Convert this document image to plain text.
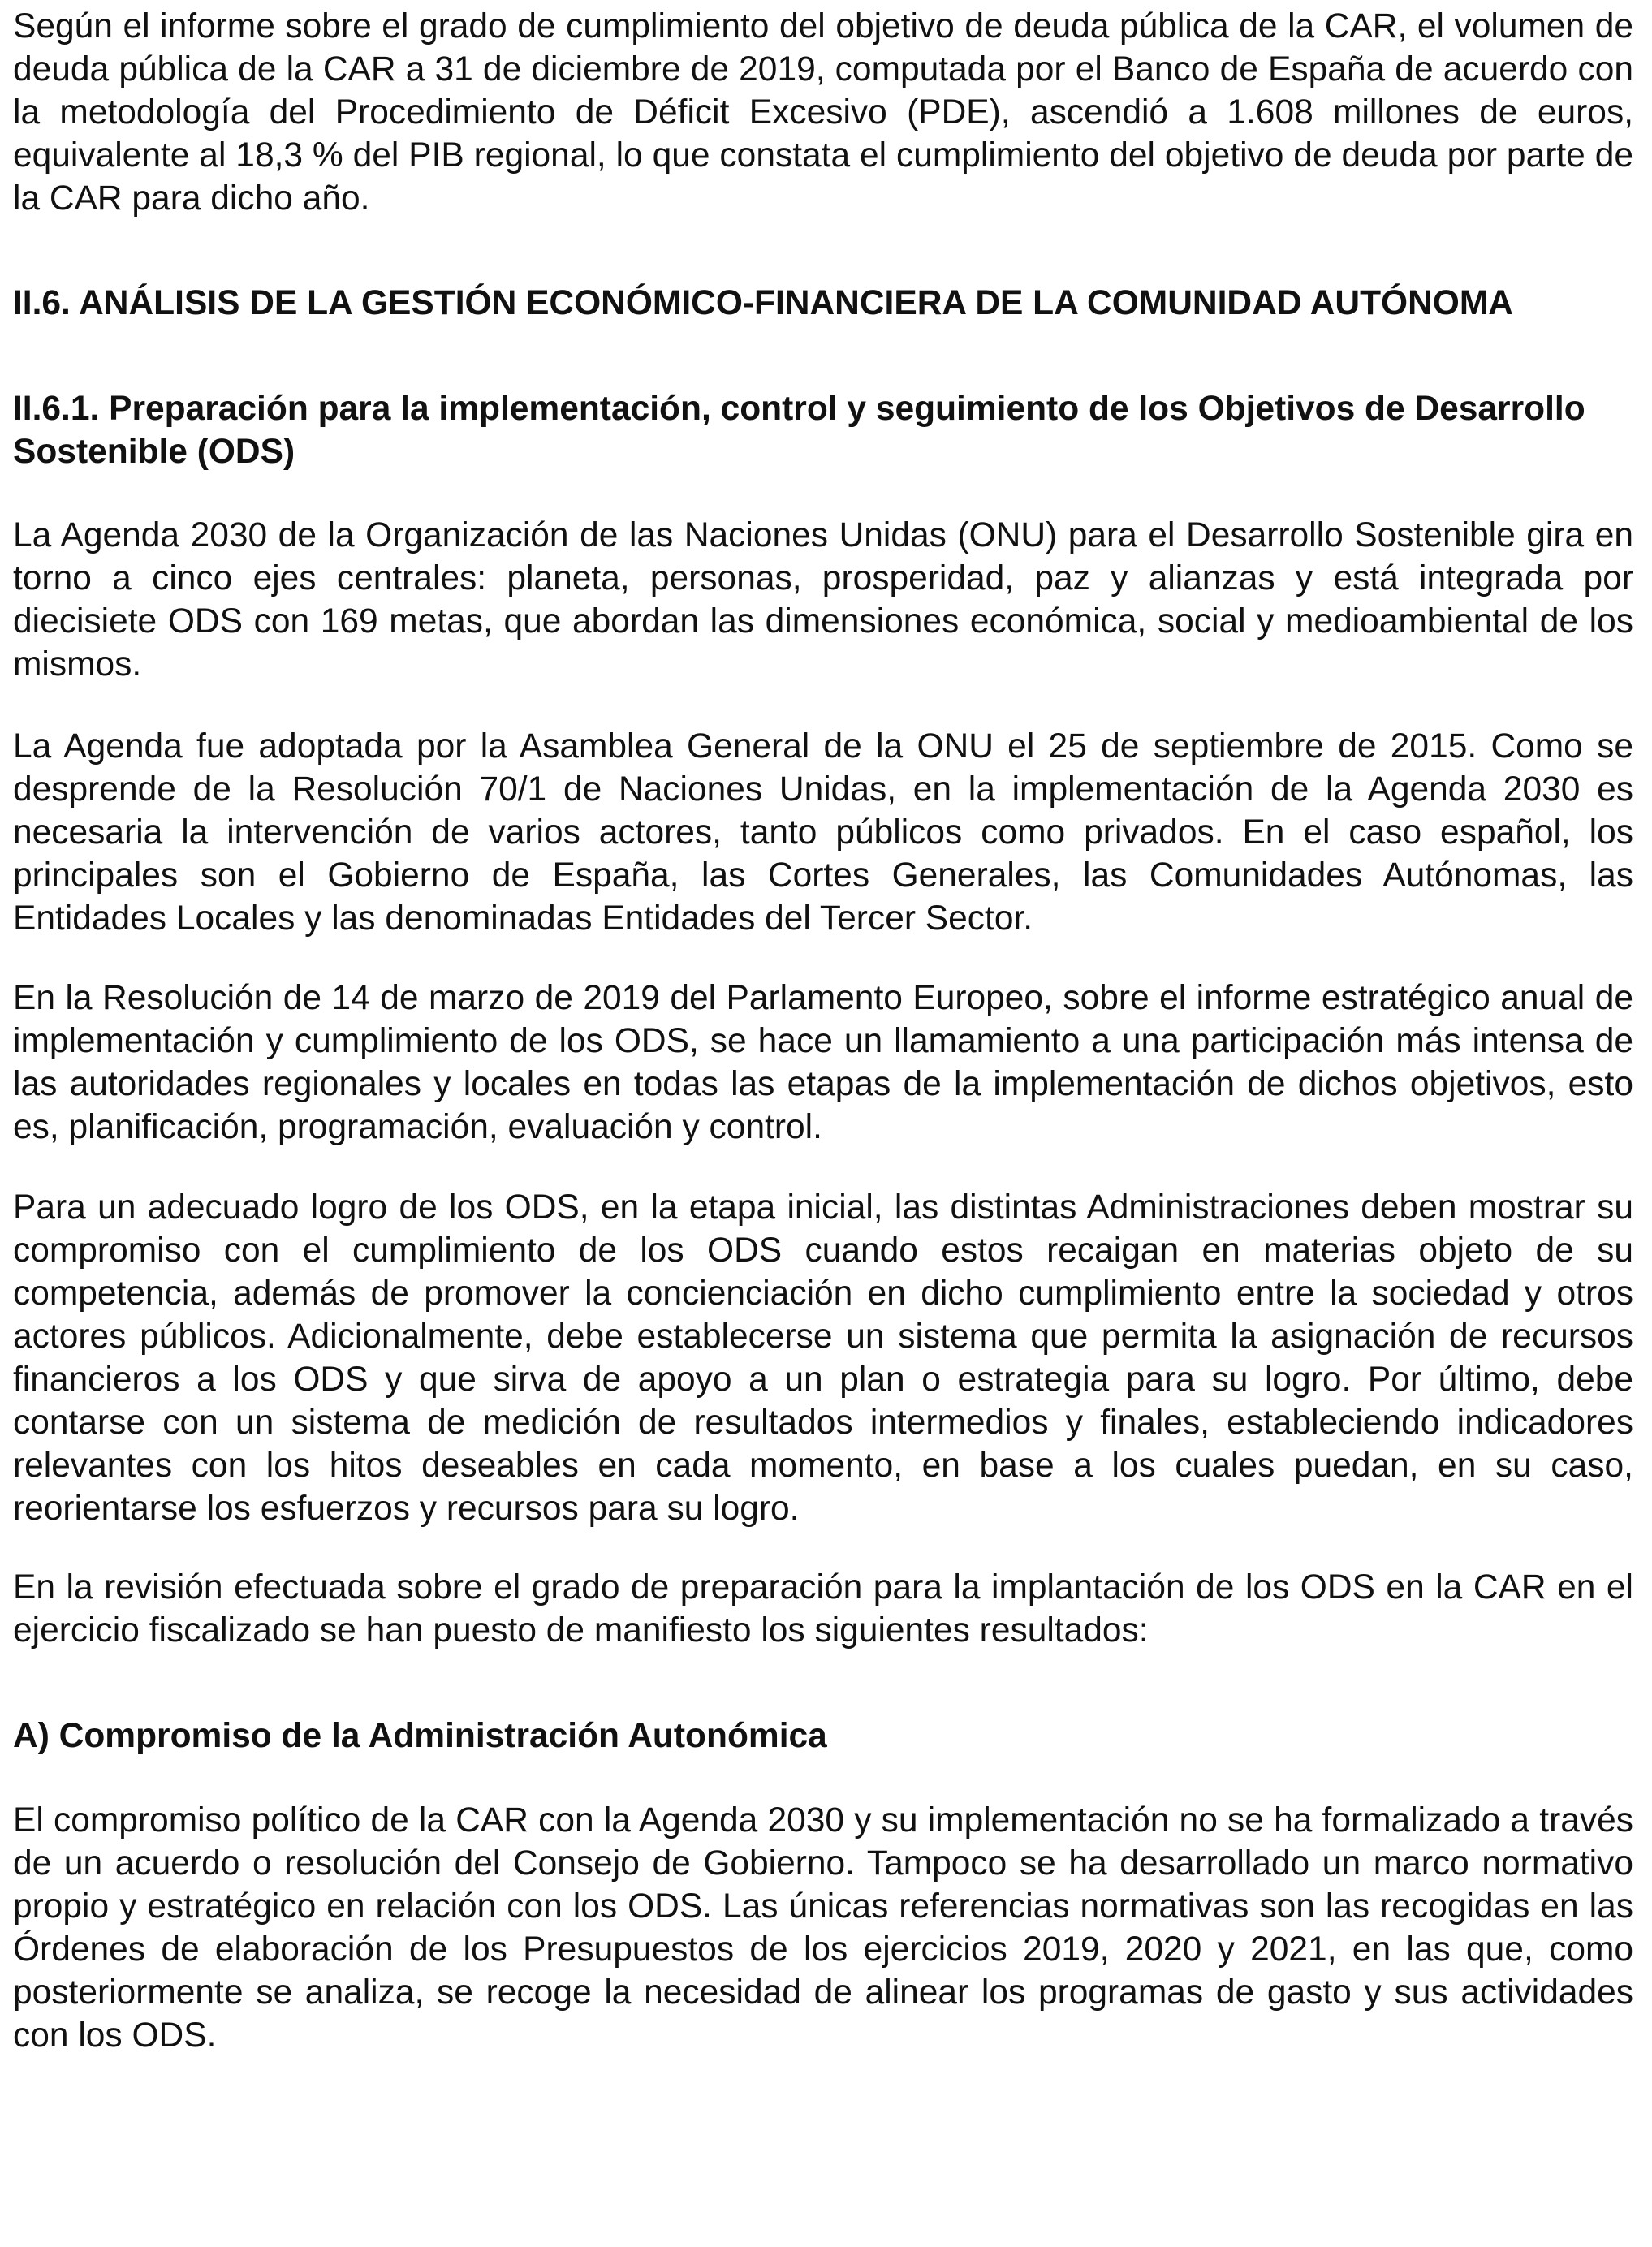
Según el informe sobre el grado de cumplimiento del objetivo de deuda pública de la CAR, el volumen de deuda pública de la CAR a 31 de diciembre de 2019, computada por el Banco de España de acuerdo con la metodología del Procedimiento de Déficit Excesivo (PDE), ascendió a 1.608 millones de euros, equivalente al 18,3 % del PIB regional, lo que constata el cumplimiento del objetivo de deuda por parte de la CAR para dicho año.

II.6. ANÁLISIS DE LA GESTIÓN ECONÓMICO-FINANCIERA DE LA COMUNIDAD AUTÓNOMA
II.6.1. Preparación para la implementación, control y seguimiento de los Objetivos de Desarrollo Sostenible (ODS)

La Agenda 2030 de la Organización de las Naciones Unidas (ONU) para el Desarrollo Sostenible gira en torno a cinco ejes centrales: planeta, personas, prosperidad, paz y alianzas y está integrada por diecisiete ODS con 169 metas, que abordan las dimensiones económica, social y medioambiental de los mismos.

La Agenda fue adoptada por la Asamblea General de la ONU el 25 de septiembre de 2015. Como se desprende de la Resolución 70/1 de Naciones Unidas, en la implementación de la Agenda 2030 es necesaria la intervención de varios actores, tanto públicos como privados. En el caso español, los principales son el Gobierno de España, las Cortes Generales, las Comunidades Autónomas, las Entidades Locales y las denominadas Entidades del Tercer Sector.

En la Resolución de 14 de marzo de 2019 del Parlamento Europeo, sobre el informe estratégico anual de implementación y cumplimiento de los ODS, se hace un llamamiento a una participación más intensa de las autoridades regionales y locales en todas las etapas de la implementación de dichos objetivos, esto es, planificación, programación, evaluación y control.

Para un adecuado logro de los ODS, en la etapa inicial, las distintas Administraciones deben mostrar su compromiso con el cumplimiento de los ODS cuando estos recaigan en materias objeto de su competencia, además de promover la concienciación en dicho cumplimiento entre la sociedad y otros actores públicos. Adicionalmente, debe establecerse un sistema que permita la asignación de recursos financieros a los ODS y que sirva de apoyo a un plan o estrategia para su logro. Por último, debe contarse con un sistema de medición de resultados intermedios y finales, estableciendo indicadores relevantes con los hitos deseables en cada momento, en base a los cuales puedan, en su caso, reorientarse los esfuerzos y recursos para su logro.

En la revisión efectuada sobre el grado de preparación para la implantación de los ODS en la CAR en el ejercicio fiscalizado se han puesto de manifiesto los siguientes resultados:

A) Compromiso de la Administración Autonómica

El compromiso político de la CAR con la Agenda 2030 y su implementación no se ha formalizado a través de un acuerdo o resolución del Consejo de Gobierno. Tampoco se ha desarrollado un marco normativo propio y estratégico en relación con los ODS. Las únicas referencias normativas son las recogidas en las Órdenes de elaboración de los Presupuestos de los ejercicios 2019, 2020 y 2021, en las que, como posteriormente se analiza, se recoge la necesidad de alinear los programas de gasto y sus actividades con los ODS.
